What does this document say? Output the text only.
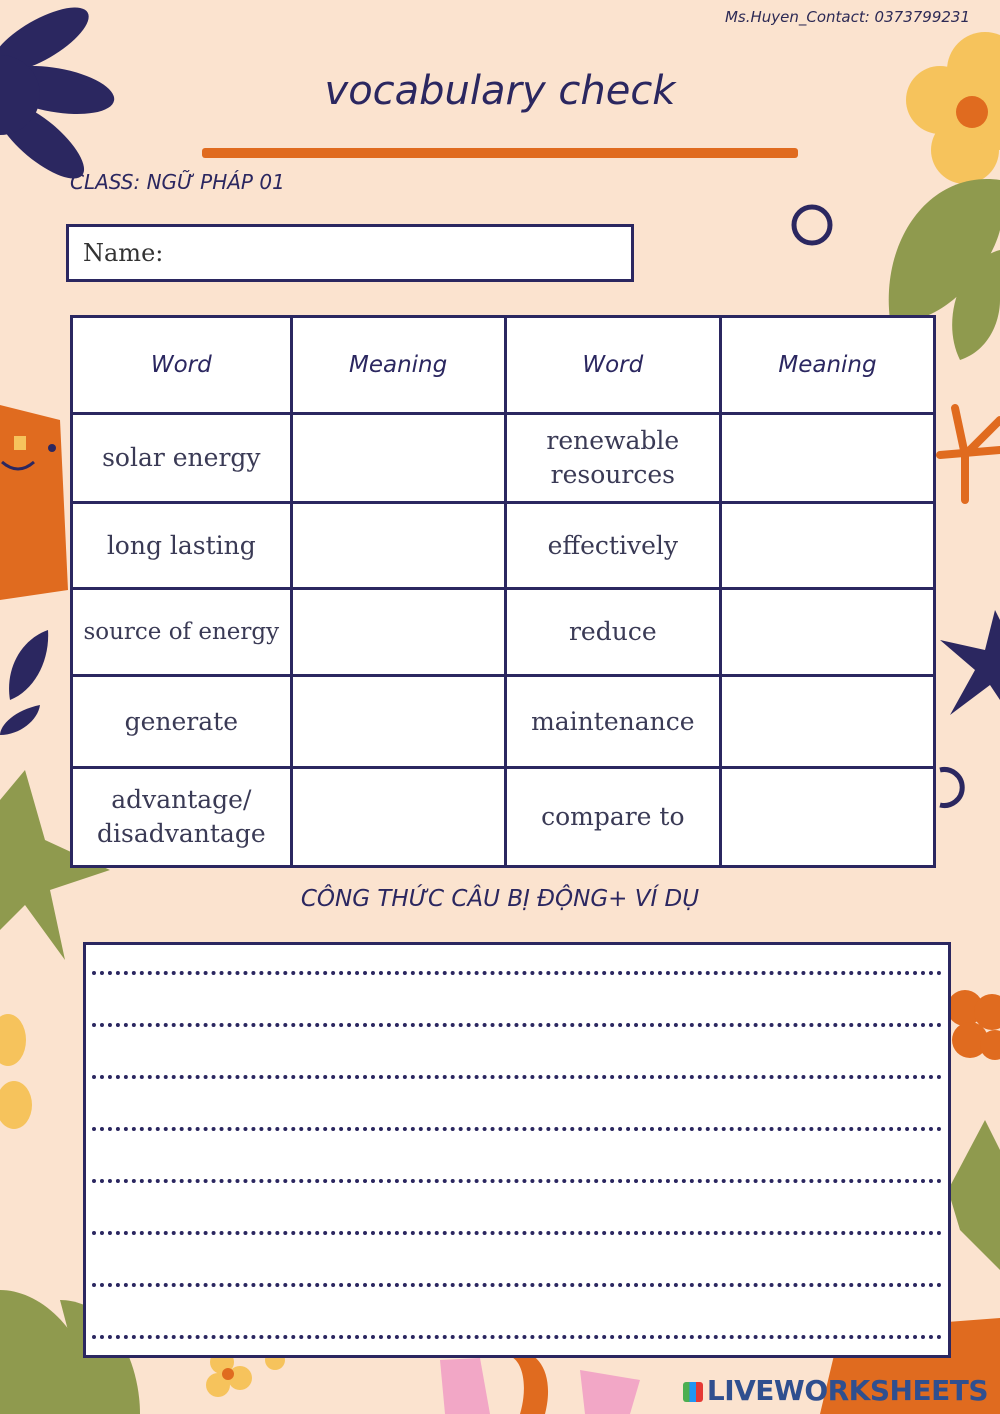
Ms.Huyen_Contact: 0373799231
vocabulary check
CLASS: NGỮ PHÁP 01
Name:
Word	Meaning	Word	Meaning
solar energy		renewable resources	
long lasting		effectively	
source of energy		reduce	
generate		maintenance	
advantage/ disadvantage		compare to	
CÔNG THỨC CÂU BỊ ĐỘNG+ VÍ DỤ
LIVEWORKSHEETS
